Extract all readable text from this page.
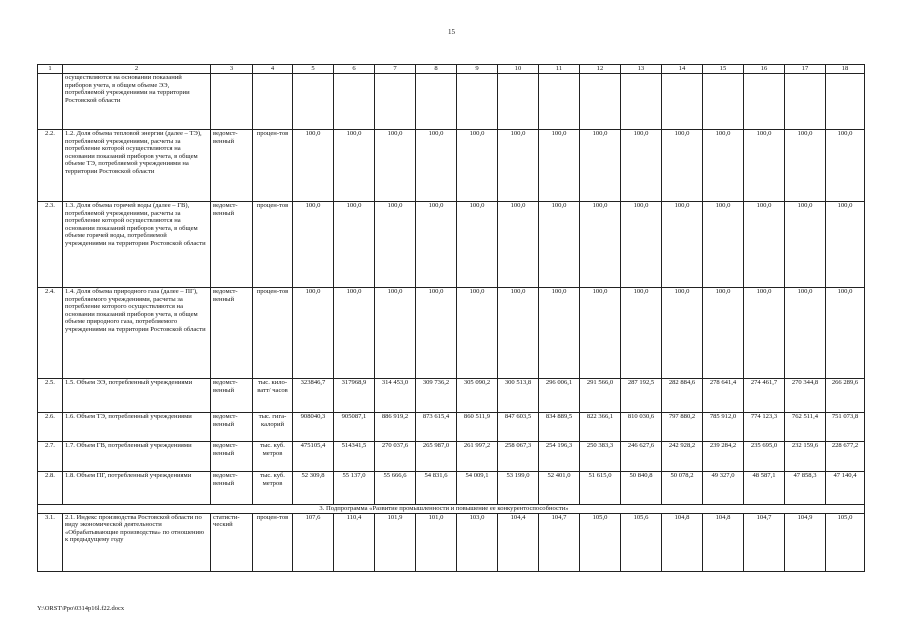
15
1	2	3	4	5	6	7	8	9	10	11	12	13	14	15	16	17	18
	осуществляются на основании показаний приборов учета, в общем объеме ЭЭ, потребляемой учреждениями на территории Ростовской области																
2.2.	1.2. Доля объема тепловой энергии (далее – ТЭ), потребляемой учреждениями, расчеты за потребление которой осуществляются на основании показаний приборов учета, в общем объеме ТЭ, потребляемой учреждениями на территории Ростовской области	ведомст-венный	процен-тов	100,0	100,0	100,0	100,0	100,0	100,0	100,0	100,0	100,0	100,0	100,0	100,0	100,0	100,0
2.3.	1.3. Доля объема горячей воды (далее – ГВ), потребляемой учреждениями, расчеты за потребление которой осуществляются на основании показаний приборов учета, в общем объеме горячей воды, потребляемой учреждениями на территории Ростовской области	ведомст-венный	процен-тов	100,0	100,0	100,0	100,0	100,0	100,0	100,0	100,0	100,0	100,0	100,0	100,0	100,0	100,0
2.4.	1.4. Доля объема природного газа (далее – ПГ), потребляемого учреждениями, расчеты за потребление которого осуществляются на основании показаний приборов учета, в общем объеме природного газа, потребляемого учреждениями на территории Ростовской области	ведомст-венный	процен-тов	100,0	100,0	100,0	100,0	100,0	100,0	100,0	100,0	100,0	100,0	100,0	100,0	100,0	100,0
2.5.	1.5. Объем ЭЭ, потребленный учреждениями	ведомст-венный	тыс. кило-ватт/ часов	323846,7	317968,9	314 453,0	309 736,2	305 090,2	300 513,8	296 006,1	291 566,0	287 192,5	282 884,6	278 641,4	274 461,7	270 344,8	266 289,6
2.6.	1.6. Объем ТЭ, потребленный учреждениями	ведомст-венный	тыс. гига-калорий	908040,3	905087,1	886 919,2	873 615,4	860 511,9	847 603,5	834 889,5	822 366,1	810 030,6	797 880,2	785 912,0	774 123,3	762 511,4	751 073,8
2.7.	1.7. Объем ГВ, потребленный учреждениями	ведомст-венный	тыс. куб. метров	475105,4	514341,5	270 037,6	265 987,0	261 997,2	258 067,3	254 196,3	250 383,3	246 627,6	242 928,2	239 284,2	235 695,0	232 159,6	228 677,2
2.8.	1.8. Объем ПГ, потребленный учреждениями	ведомст-венный	тыс. куб. метров	52 309,8	55 137,0	55 666,6	54 831,6	54 009,1	53 199,0	52 401,0	51 615,0	50 840,8	50 078,2	49 327,0	48 587,1	47 858,3	47 140,4
	3. Подпрограмма «Развитие промышленности и повышение ее конкурентоспособности»																
3.1.	2.1. Индекс производства Ростовской области по виду экономической деятельности «Обрабатывающие производства» по отношению к предыдущему году	статисти-ческий	процен-тов	107,6	110,4	101,9	101,0	103,0	104,4	104,7	105,0	105,6	104,8	104,8	104,7	104,9	105,0
Y:\ORST\Ppo\0314p16l.f22.docx
